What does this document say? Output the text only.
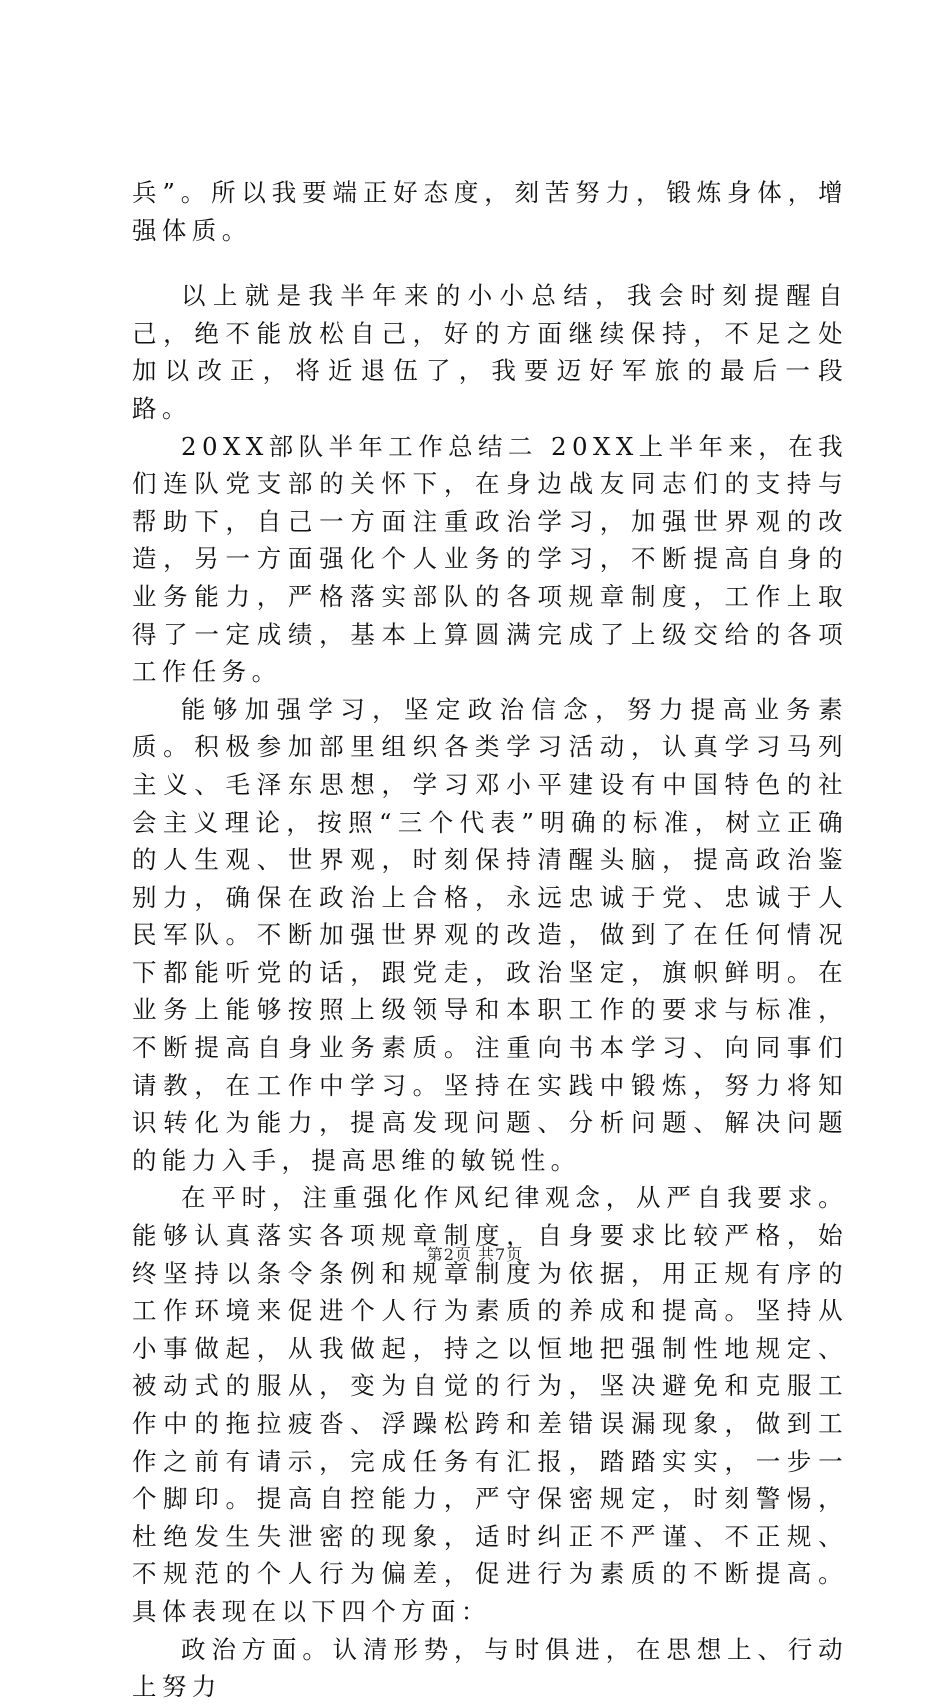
兵”。所以我要端正好态度，刻苦努力，锻炼身体，增强体质。

以上就是我半年来的小小总结，我会时刻提醒自己，绝不能放松自己，好的方面继续保持，不足之处加以改正，将近退伍了，我要迈好军旅的最后一段路。

20XX部队半年工作总结二 20XX上半年来，在我们连队党支部的关怀下，在身边战友同志们的支持与帮助下，自己一方面注重政治学习，加强世界观的改造，另一方面强化个人业务的学习，不断提高自身的业务能力，严格落实部队的各项规章制度，工作上取得了一定成绩，基本上算圆满完成了上级交给的各项工作任务。

能够加强学习，坚定政治信念，努力提高业务素质。积极参加部里组织各类学习活动，认真学习马列主义、毛泽东思想，学习邓小平建设有中国特色的社会主义理论，按照“三个代表”明确的标准，树立正确的人生观、世界观，时刻保持清醒头脑，提高政治鉴别力，确保在政治上合格，永远忠诚于党、忠诚于人民军队。不断加强世界观的改造，做到了在任何情况下都能听党的话，跟党走，政治坚定，旗帜鲜明。在业务上能够按照上级领导和本职工作的要求与标准，不断提高自身业务素质。注重向书本学习、向同事们请教，在工作中学习。坚持在实践中锻炼，努力将知识转化为能力，提高发现问题、分析问题、解决问题的能力入手，提高思维的敏锐性。

在平时，注重强化作风纪律观念，从严自我要求。能够认真落实各项规章制度，自身要求比较严格，始终坚持以条令条例和规章制度为依据，用正规有序的工作环境来促进个人行为素质的养成和提高。坚持从小事做起，从我做起，持之以恒地把强制性地规定、被动式的服从，变为自觉的行为，坚决避免和克服工作中的拖拉疲沓、浮躁松跨和差错误漏现象，做到工作之前有请示，完成任务有汇报，踏踏实实，一步一个脚印。提高自控能力，严守保密规定，时刻警惕，杜绝发生失泄密的现象，适时纠正不严谨、不正规、不规范的个人行为偏差，促进行为素质的不断提高。具体表现在以下四个方面：

政治方面。认清形势，与时俱进，在思想上、行动上努力

第2页 共7页
